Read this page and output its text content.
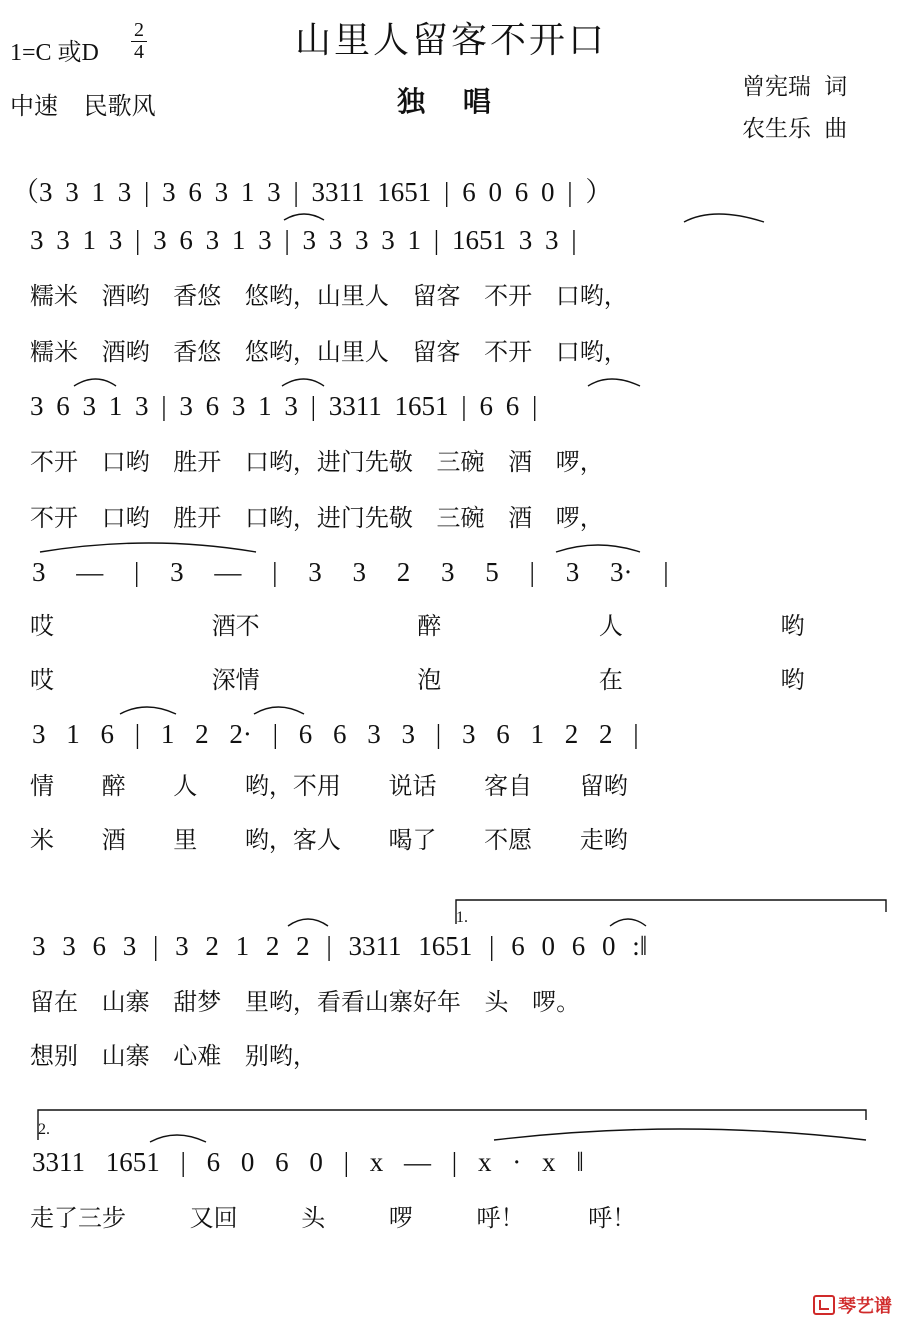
山里人留客不开口
独 唱
1=C 或D
2
4
中速 民歌风
曾宪瑞 词
农生乐 曲
（3 3 1 3 | 3 6 3 1 3 | 3311 1651 | 6 0 6 0 | ）
3 3 1 3 | 3 6 3 1 3 | 3 3 3 3 1 | 1651 3 3 |
糯米 酒哟 香悠 悠哟，山里人 留客 不开 口哟，
糯米 酒哟 香悠 悠哟，山里人 留客 不开 口哟，
3 6 3 1 3 | 3 6 3 1 3 | 3311 1651 | 6 6 |
不开 口哟 胜开 口哟，进门先敬 三碗 酒 啰，
不开 口哟 胜开 口哟，进门先敬 三碗 酒 啰，
3 — | 3 — | 3 3 2 3 5 | 3 3· |
哎 酒不 醉 人 哟
哎 深情 泡 在 哟
3 1 6 | 1 2 2· | 6 6 3 3 | 3 6 1 2 2 |
情 醉 人 哟，不用 说话 客自 留哟
米 酒 里 哟，客人 喝了 不愿 走哟
1.
3 3 6 3 | 3 2 1 2 2 | 3311 1651 | 6 0 6 0 :‖
留在 山寨 甜梦 里哟，看看山寨好年 头 啰。
想别 山寨 心难 别哟，
2.
3311 1651 | 6 0 6 0 | x — | x · x ‖
走了三步 又回 头 啰 呼！ 呼！
琴艺谱
